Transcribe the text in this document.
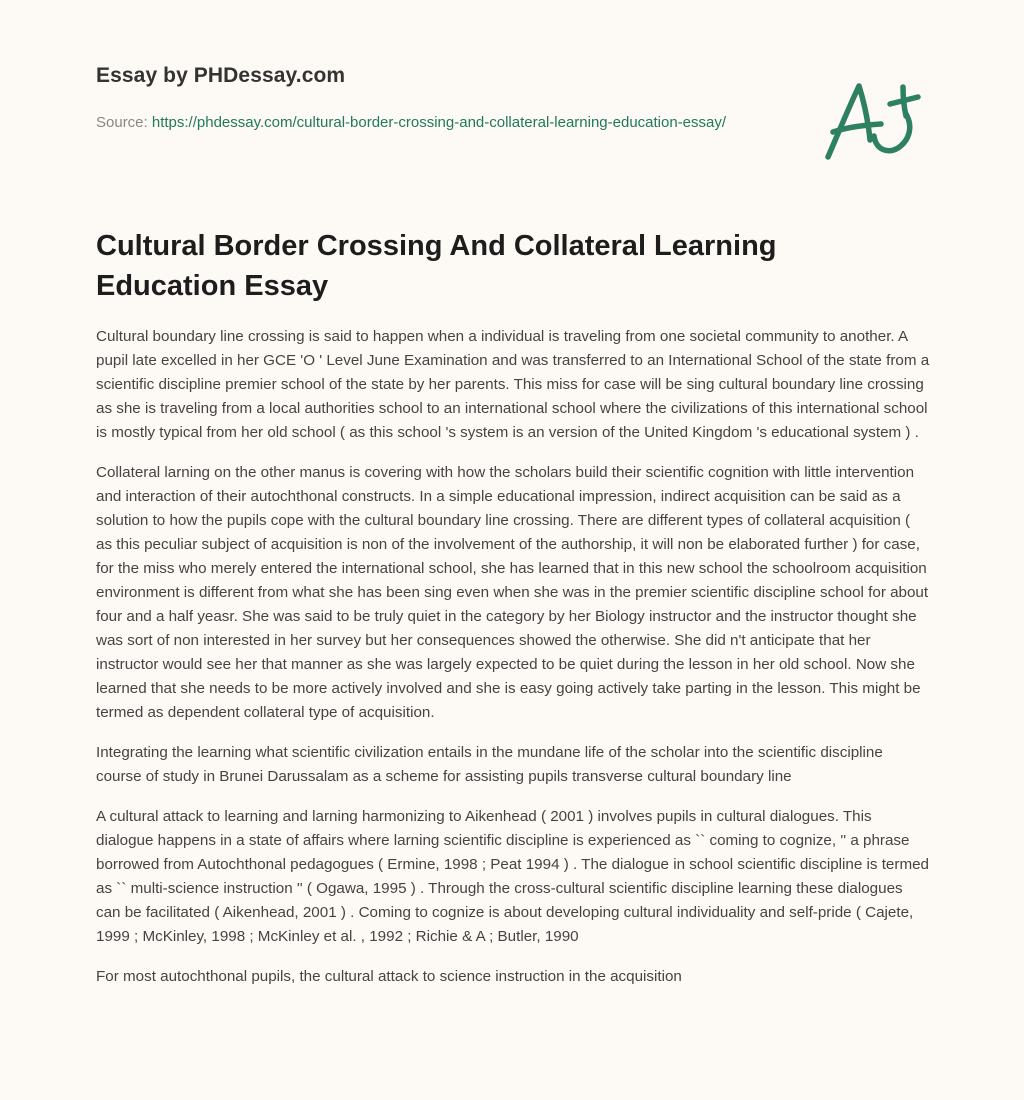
Essay by PHDessay.com
Source: https://phdessay.com/cultural-border-crossing-and-collateral-learning-education-essay/
Cultural Border Crossing And Collateral Learning Education Essay

Cultural boundary line crossing is said to happen when a individual is traveling from one societal community to another. A pupil late excelled in her GCE 'O ' Level June Examination and was transferred to an International School of the state from a scientific discipline premier school of the state by her parents. This miss for case will be sing cultural boundary line crossing as she is traveling from a local authorities school to an international school where the civilizations of this international school is mostly typical from her old school ( as this school 's system is an version of the United Kingdom 's educational system ) .

Collateral larning on the other manus is covering with how the scholars build their scientific cognition with little intervention and interaction of their autochthonal constructs. In a simple educational impression, indirect acquisition can be said as a solution to how the pupils cope with the cultural boundary line crossing. There are different types of collateral acquisition ( as this peculiar subject of acquisition is non of the involvement of the authorship, it will non be elaborated further ) for case, for the miss who merely entered the international school, she has learned that in this new school the schoolroom acquisition environment is different from what she has been sing even when she was in the premier scientific discipline school for about four and a half yeasr. She was said to be truly quiet in the category by her Biology instructor and the instructor thought she was sort of non interested in her survey but her consequences showed the otherwise. She did n't anticipate that her instructor would see her that manner as she was largely expected to be quiet during the lesson in her old school. Now she learned that she needs to be more actively involved and she is easy going actively take parting in the lesson. This might be termed as dependent collateral type of acquisition.

Integrating the learning what scientific civilization entails in the mundane life of the scholar into the scientific discipline course of study in Brunei Darussalam as a scheme for assisting pupils transverse cultural boundary line

A cultural attack to learning and larning harmonizing to Aikenhead ( 2001 ) involves pupils in cultural dialogues. This dialogue happens in a state of affairs where larning scientific discipline is experienced as `` coming to cognize, '' a phrase borrowed from Autochthonal pedagogues ( Ermine, 1998 ; Peat 1994 ) . The dialogue in school scientific discipline is termed as `` multi-science instruction '' ( Ogawa, 1995 ) . Through the cross-cultural scientific discipline learning these dialogues can be facilitated ( Aikenhead, 2001 ) . Coming to cognize is about developing cultural individuality and self-pride ( Cajete, 1999 ; McKinley, 1998 ; McKinley et al. , 1992 ; Richie & A ; Butler, 1990

For most autochthonal pupils, the cultural attack to science instruction in the acquisition
